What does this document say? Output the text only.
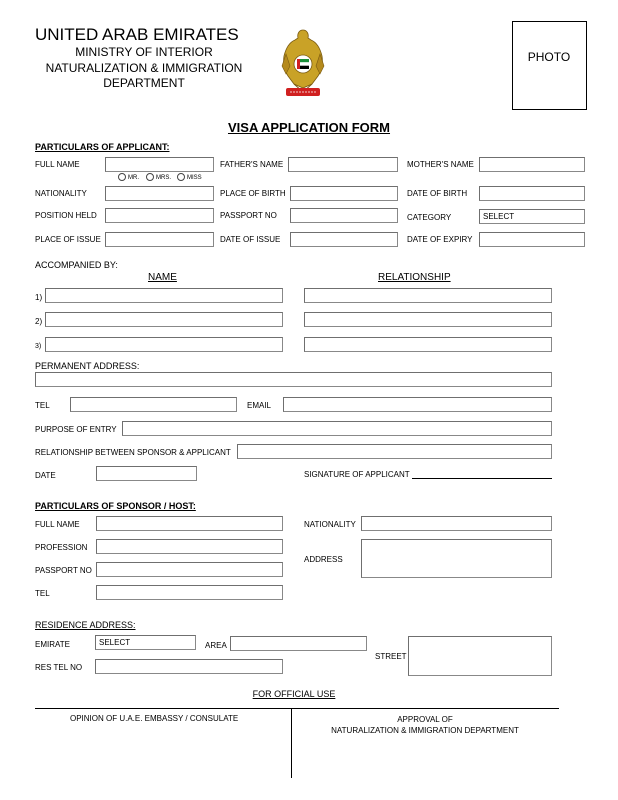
UNITED ARAB EMIRATES
MINISTRY OF INTERIOR
NATURALIZATION & IMMIGRATION
DEPARTMENT
PHOTO
VISA APPLICATION FORM
PARTICULARS OF APPLICANT:
FULL NAME	FATHER'S NAME	MOTHER'S NAME
MR.	MRS.	MISS
NATIONALITY	PLACE OF BIRTH	DATE OF BIRTH
POSITION HELD	PASSPORT NO	CATEGORY	SELECT
PLACE OF ISSUE	DATE OF ISSUE	DATE OF EXPIRY
ACCOMPANIED BY:
NAME	RELATIONSHIP
1)
2)
3)
PERMANENT ADDRESS:
TEL	EMAIL
PURPOSE OF ENTRY
RELATIONSHIP BETWEEN SPONSOR & APPLICANT
DATE	SIGNATURE OF APPLICANT
PARTICULARS OF SPONSOR / HOST:
FULL NAME	NATIONALITY
PROFESSION
ADDRESS
PASSPORT NO
TEL
RESIDENCE ADDRESS:
EMIRATE	SELECT	AREA
STREET
RES TEL NO
FOR OFFICIAL USE
OPINION OF U.A.E. EMBASSY / CONSULATE	APPROVAL OF
NATURALIZATION & IMMIGRATION DEPARTMENT
